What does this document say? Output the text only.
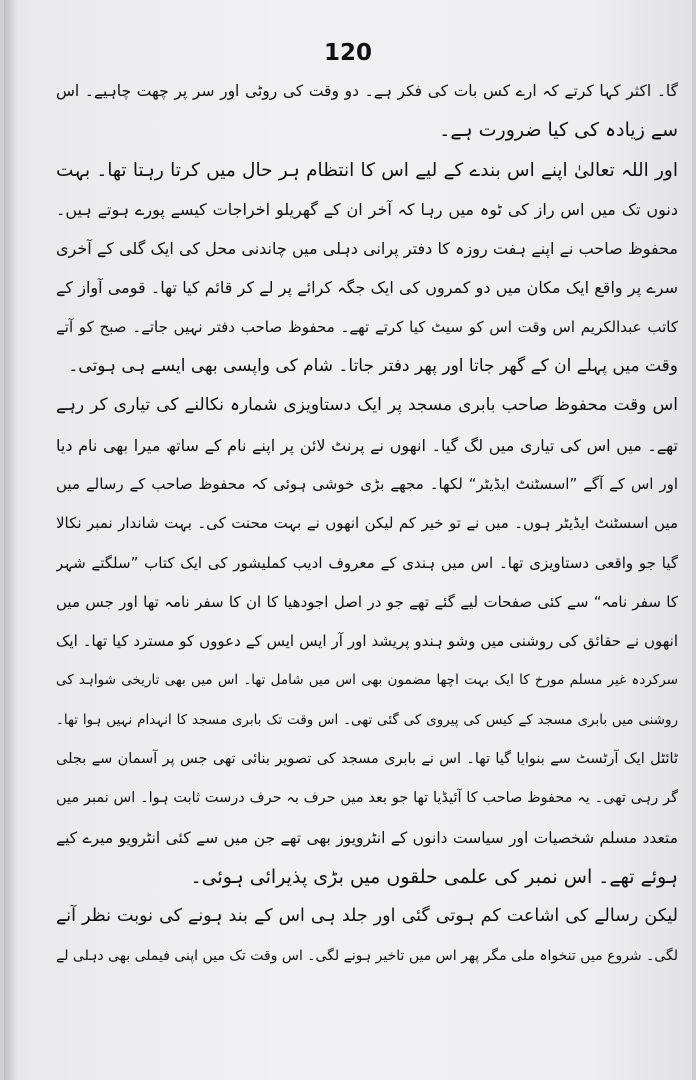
120
گا۔ اکثر کہا کرتے کہ ارے کس بات کی فکر ہے۔ دو وقت کی روٹی اور سر پر چھت چاہیے۔ اس
سے زیادہ کی کیا ضرورت ہے۔
اور اللہ تعالیٰ اپنے اس بندے کے لیے اس کا انتظام ہر حال میں کرتا رہتا تھا۔ بہت
دنوں تک میں اس راز کی ٹوہ میں رہا کہ آخر ان کے گھریلو اخراجات کیسے پورے ہوتے ہیں۔
محفوظ صاحب نے اپنے ہفت روزہ کا دفتر پرانی دہلی میں چاندنی محل کی ایک گلی کے آخری
سرے پر واقع ایک مکان میں دو کمروں کی ایک جگہ کرائے پر لے کر قائم کیا تھا۔ قومی آواز کے
کاتب عبدالکریم اس وقت اس کو سیٹ کیا کرتے تھے۔ محفوظ صاحب دفتر نہیں جاتے۔ صبح کو آتے
وقت میں پہلے ان کے گھر جاتا اور پھر دفتر جاتا۔ شام کی واپسی بھی ایسے ہی ہوتی۔
اس وقت محفوظ صاحب بابری مسجد پر ایک دستاویزی شمارہ نکالنے کی تیاری کر رہے
تھے۔ میں اس کی تیاری میں لگ گیا۔ انھوں نے پرنٹ لائن پر اپنے نام کے ساتھ میرا بھی نام دیا
اور اس کے آگے ”اسسٹنٹ ایڈیٹر“ لکھا۔ مجھے بڑی خوشی ہوئی کہ محفوظ صاحب کے رسالے میں
میں اسسٹنٹ ایڈیٹر ہوں۔ میں نے تو خیر کم لیکن انھوں نے بہت محنت کی۔ بہت شاندار نمبر نکالا
گیا جو واقعی دستاویزی تھا۔ اس میں ہندی کے معروف ادیب کملیشور کی ایک کتاب ”سلگتے شہر
کا سفر نامہ“ سے کئی صفحات لیے گئے تھے جو در اصل اجودھیا کا ان کا سفر نامہ تھا اور جس میں
انھوں نے حقائق کی روشنی میں وشو ہندو پریشد اور آر ایس ایس کے دعووں کو مسترد کیا تھا۔ ایک
سرکردہ غیر مسلم مورخ کا ایک بہت اچھا مضمون بھی اس میں شامل تھا۔ اس میں بھی تاریخی شواہد کی
روشنی میں بابری مسجد کے کیس کی پیروی کی گئی تھی۔ اس وقت تک بابری مسجد کا انہدام نہیں ہوا تھا۔
ٹائٹل ایک آرٹسٹ سے بنوایا گیا تھا۔ اس نے بابری مسجد کی تصویر بنائی تھی جس پر آسمان سے بجلی
گر رہی تھی۔ یہ محفوظ صاحب کا آئیڈیا تھا جو بعد میں حرف بہ حرف درست ثابت ہوا۔ اس نمبر میں
متعدد مسلم شخصیات اور سیاست دانوں کے انٹرویوز بھی تھے جن میں سے کئی انٹرویو میرے کیے
ہوئے تھے۔ اس نمبر کی علمی حلقوں میں بڑی پذیرائی ہوئی۔
لیکن رسالے کی اشاعت کم ہوتی گئی اور جلد ہی اس کے بند ہونے کی نوبت نظر آنے
لگی۔ شروع میں تنخواہ ملی مگر پھر اس میں تاخیر ہونے لگی۔ اس وقت تک میں اپنی فیملی بھی دہلی لے
